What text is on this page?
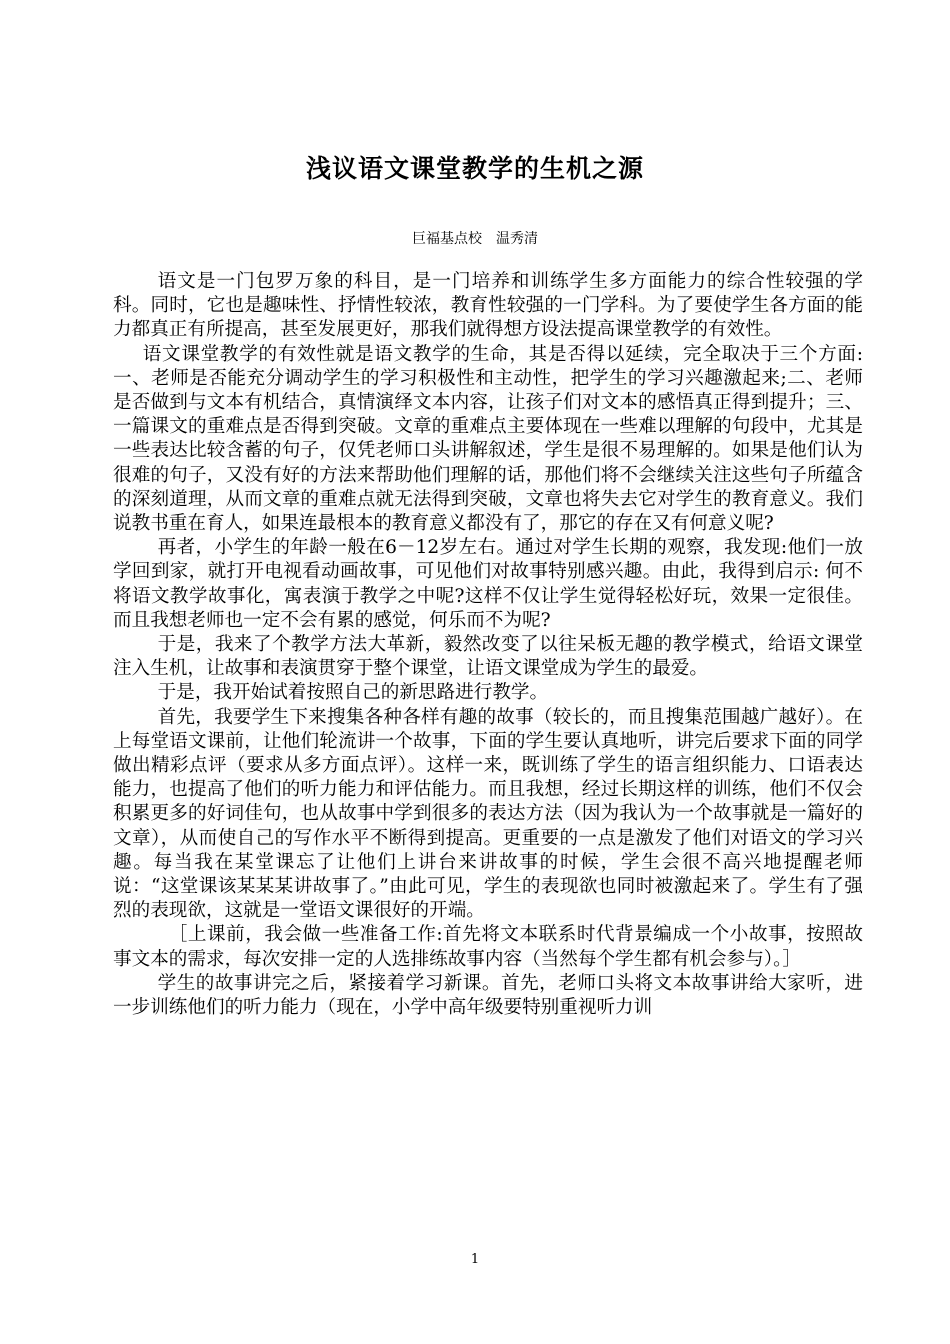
浅议语文课堂教学的生机之源
巨福基点校 温秀清

语文是一门包罗万象的科目，是一门培养和训练学生多方面能力的综合性较强的学科。同时，它也是趣味性、抒情性较浓，教育性较强的一门学科。为了要使学生各方面的能力都真正有所提高，甚至发展更好，那我们就得想方设法提高课堂教学的有效性。

语文课堂教学的有效性就是语文教学的生命，其是否得以延续，完全取决于三个方面:一、老师是否能充分调动学生的学习积极性和主动性，把学生的学习兴趣激起来;二、老师是否做到与文本有机结合，真情演绎文本内容，让孩子们对文本的感悟真正得到提升；三、一篇课文的重难点是否得到突破。文章的重难点主要体现在一些难以理解的句段中，尤其是一些表达比较含蓄的句子，仅凭老师口头讲解叙述，学生是很不易理解的。如果是他们认为很难的句子，又没有好的方法来帮助他们理解的话，那他们将不会继续关注这些句子所蕴含的深刻道理，从而文章的重难点就无法得到突破，文章也将失去它对学生的教育意义。我们说教书重在育人，如果连最根本的教育意义都没有了，那它的存在又有何意义呢?

再者，小学生的年龄一般在6－12岁左右。通过对学生长期的观察，我发现:他们一放学回到家，就打开电视看动画故事，可见他们对故事特别感兴趣。由此，我得到启示: 何不将语文教学故事化，寓表演于教学之中呢?这样不仅让学生觉得轻松好玩，效果一定很佳。而且我想老师也一定不会有累的感觉，何乐而不为呢?

于是，我来了个教学方法大革新，毅然改变了以往呆板无趣的教学模式，给语文课堂注入生机，让故事和表演贯穿于整个课堂，让语文课堂成为学生的最爱。

于是，我开始试着按照自己的新思路进行教学。

首先，我要学生下来搜集各种各样有趣的故事（较长的，而且搜集范围越广越好）。在上每堂语文课前，让他们轮流讲一个故事，下面的学生要认真地听，讲完后要求下面的同学做出精彩点评（要求从多方面点评）。这样一来，既训练了学生的语言组织能力、口语表达能力，也提高了他们的听力能力和评估能力。而且我想，经过长期这样的训练，他们不仅会积累更多的好词佳句，也从故事中学到很多的表达方法（因为我认为一个故事就是一篇好的文章），从而使自己的写作水平不断得到提高。更重要的一点是激发了他们对语文的学习兴趣。每当我在某堂课忘了让他们上讲台来讲故事的时候，学生会很不高兴地提醒老师说：“这堂课该某某某讲故事了。”由此可见，学生的表现欲也同时被激起来了。学生有了强烈的表现欲，这就是一堂语文课很好的开端。

［上课前，我会做一些准备工作:首先将文本联系时代背景编成一个小故事，按照故事文本的需求，每次安排一定的人选排练故事内容（当然每个学生都有机会参与）。］

学生的故事讲完之后，紧接着学习新课。首先，老师口头将文本故事讲给大家听，进一步训练他们的听力能力（现在，小学中高年级要特别重视听力训

1
